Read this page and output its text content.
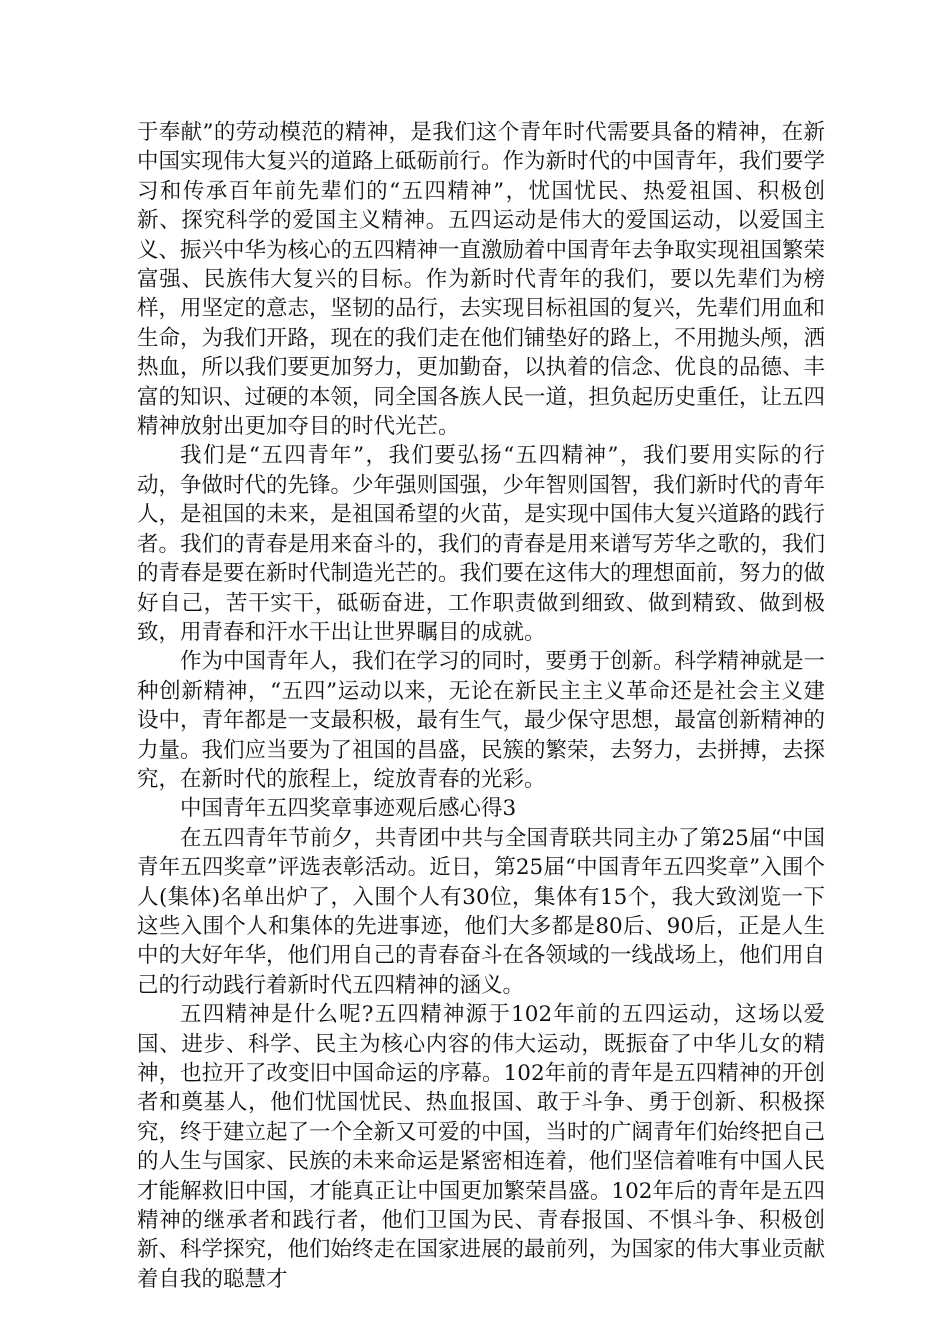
于奉献”的劳动模范的精神，是我们这个青年时代需要具备的精神，在新中国实现伟大复兴的道路上砥砺前行。作为新时代的中国青年，我们要学习和传承百年前先辈们的“五四精神”，忧国忧民、热爱祖国、积极创新、探究科学的爱国主义精神。五四运动是伟大的爱国运动，以爱国主义、振兴中华为核心的五四精神一直激励着中国青年去争取实现祖国繁荣富强、民族伟大复兴的目标。作为新时代青年的我们，要以先辈们为榜样，用坚定的意志，坚韧的品行，去实现目标祖国的复兴，先辈们用血和生命，为我们开路，现在的我们走在他们铺垫好的路上，不用抛头颅，洒热血，所以我们要更加努力，更加勤奋，以执着的信念、优良的品德、丰富的知识、过硬的本领，同全国各族人民一道，担负起历史重任，让五四精神放射出更加夺目的时代光芒。

我们是“五四青年”，我们要弘扬“五四精神”，我们要用实际的行动，争做时代的先锋。少年强则国强，少年智则国智，我们新时代的青年人，是祖国的未来，是祖国希望的火苗，是实现中国伟大复兴道路的践行者。我们的青春是用来奋斗的，我们的青春是用来谱写芳华之歌的，我们的青春是要在新时代制造光芒的。我们要在这伟大的理想面前，努力的做好自己，苦干实干，砥砺奋进，工作职责做到细致、做到精致、做到极致，用青春和汗水干出让世界瞩目的成就。

作为中国青年人，我们在学习的同时，要勇于创新。科学精神就是一种创新精神，“五四”运动以来，无论在新民主主义革命还是社会主义建设中，青年都是一支最积极，最有生气，最少保守思想，最富创新精神的力量。我们应当要为了祖国的昌盛，民簇的繁荣，去努力，去拼搏，去探究，在新时代的旅程上，绽放青春的光彩。

中国青年五四奖章事迹观后感心得3

在五四青年节前夕，共青团中共与全国青联共同主办了第25届“中国青年五四奖章”评选表彰活动。近日，第25届“中国青年五四奖章”入围个人(集体)名单出炉了，入围个人有30位，集体有15个，我大致浏览一下这些入围个人和集体的先进事迹，他们大多都是80后、90后，正是人生中的大好年华，他们用自己的青春奋斗在各领域的一线战场上，他们用自己的行动践行着新时代五四精神的涵义。

五四精神是什么呢?五四精神源于102年前的五四运动，这场以爱国、进步、科学、民主为核心内容的伟大运动，既振奋了中华儿女的精神，也拉开了改变旧中国命运的序幕。102年前的青年是五四精神的开创者和奠基人，他们忧国忧民、热血报国、敢于斗争、勇于创新、积极探究，终于建立起了一个全新又可爱的中国，当时的广阔青年们始终把自己的人生与国家、民族的未来命运是紧密相连着，他们坚信着唯有中国人民才能解救旧中国，才能真正让中国更加繁荣昌盛。102年后的青年是五四精神的继承者和践行者，他们卫国为民、青春报国、不惧斗争、积极创新、科学探究，他们始终走在国家进展的最前列，为国家的伟大事业贡献着自我的聪慧才
